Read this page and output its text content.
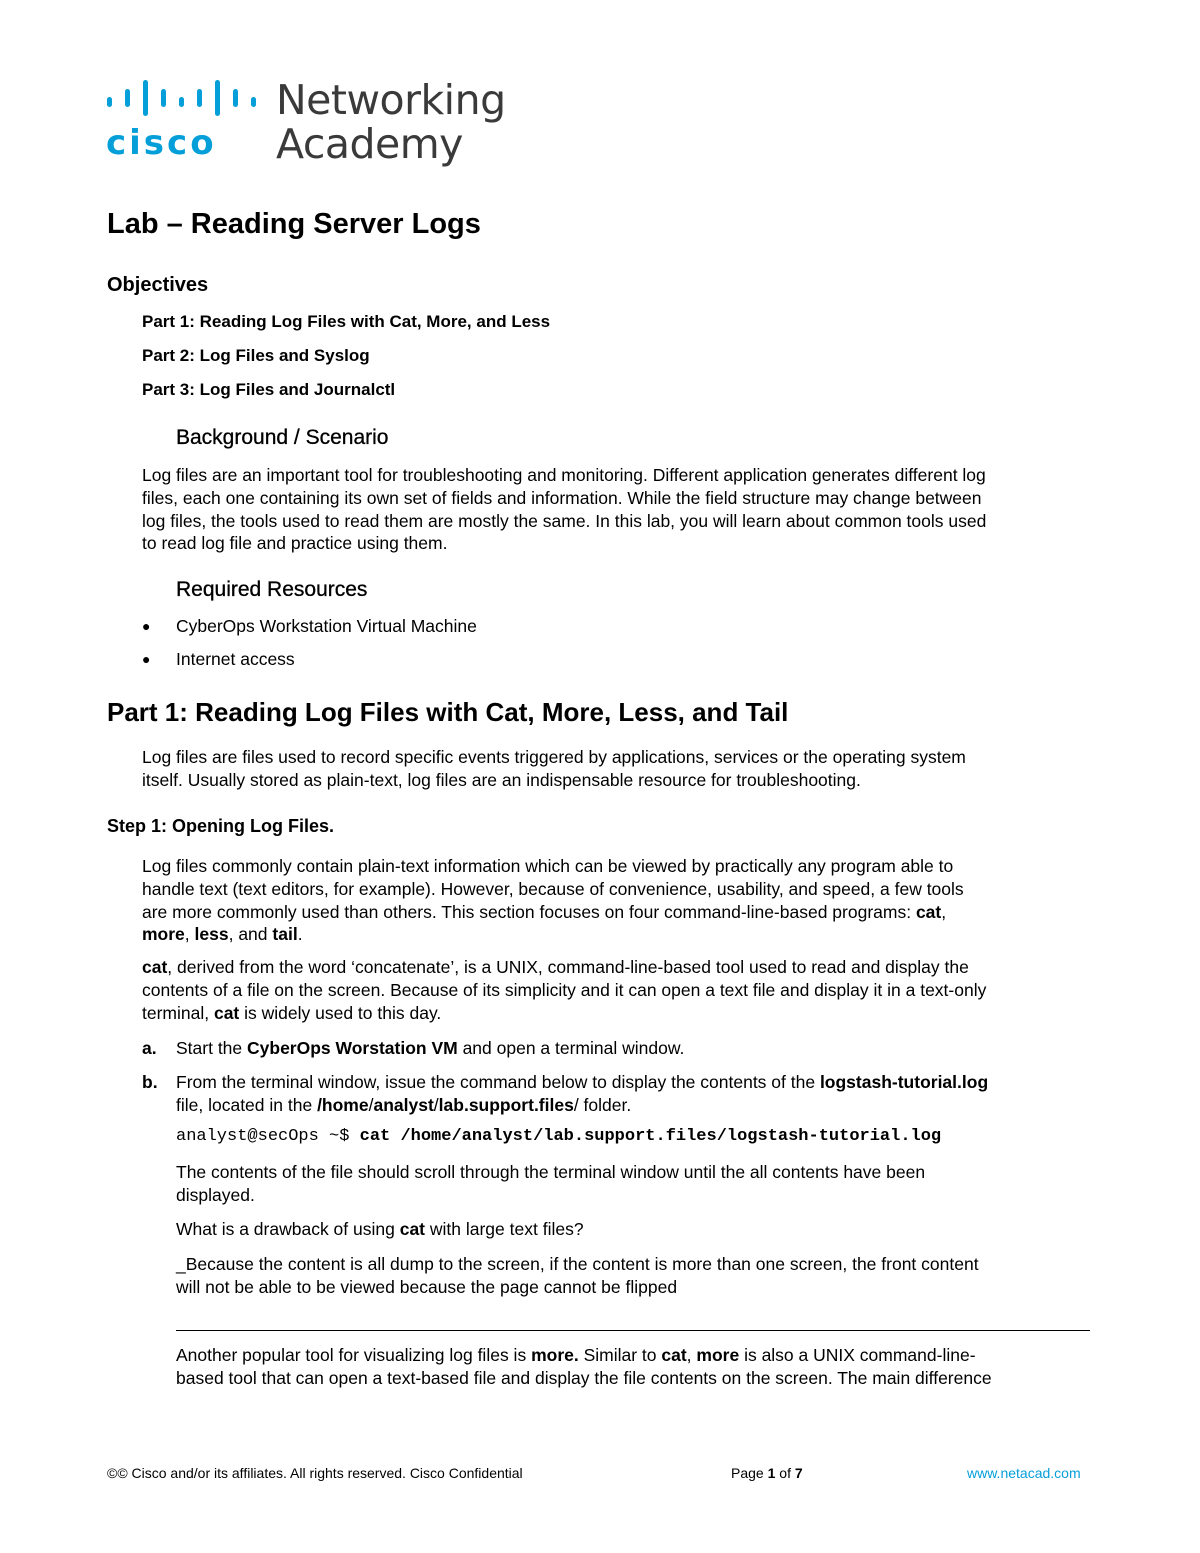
cisco
Networking
Academy
Lab – Reading Server Logs
Objectives
Part 1: Reading Log Files with Cat, More, and Less
Part 2: Log Files and Syslog
Part 3: Log Files and Journalctl
Background / Scenario
Log files are an important tool for troubleshooting and monitoring. Different application generates different log
files, each one containing its own set of fields and information. While the field structure may change between
log files, the tools used to read them are mostly the same. In this lab, you will learn about common tools used
to read log file and practice using them.
Required Resources
● CyberOps Workstation Virtual Machine
● Internet access
Part 1: Reading Log Files with Cat, More, Less, and Tail
Log files are files used to record specific events triggered by applications, services or the operating system
itself. Usually stored as plain-text, log files are an indispensable resource for troubleshooting.
Step 1: Opening Log Files.
Log files commonly contain plain-text information which can be viewed by practically any program able to
handle text (text editors, for example). However, because of convenience, usability, and speed, a few tools
are more commonly used than others. This section focuses on four command-line-based programs: cat,
more, less, and tail.
cat, derived from the word ‘concatenate’, is a UNIX, command-line-based tool used to read and display the
contents of a file on the screen. Because of its simplicity and it can open a text file and display it in a text-only
terminal, cat is widely used to this day.
a. Start the CyberOps Worstation VM and open a terminal window.
b. From the terminal window, issue the command below to display the contents of the logstash-tutorial.log
file, located in the /home/analyst/lab.support.files/ folder.
analyst@secOps ~$ cat /home/analyst/lab.support.files/logstash-tutorial.log
The contents of the file should scroll through the terminal window until the all contents have been
displayed.
What is a drawback of using cat with large text files?
_Because the content is all dump to the screen, if the content is more than one screen, the front content
will not be able to be viewed because the page cannot be flipped
Another popular tool for visualizing log files is more. Similar to cat, more is also a UNIX command-line-
based tool that can open a text-based file and display the file contents on the screen. The main difference
©© Cisco and/or its affiliates. All rights reserved. Cisco Confidential	Page 1 of 7	www.netacad.com
